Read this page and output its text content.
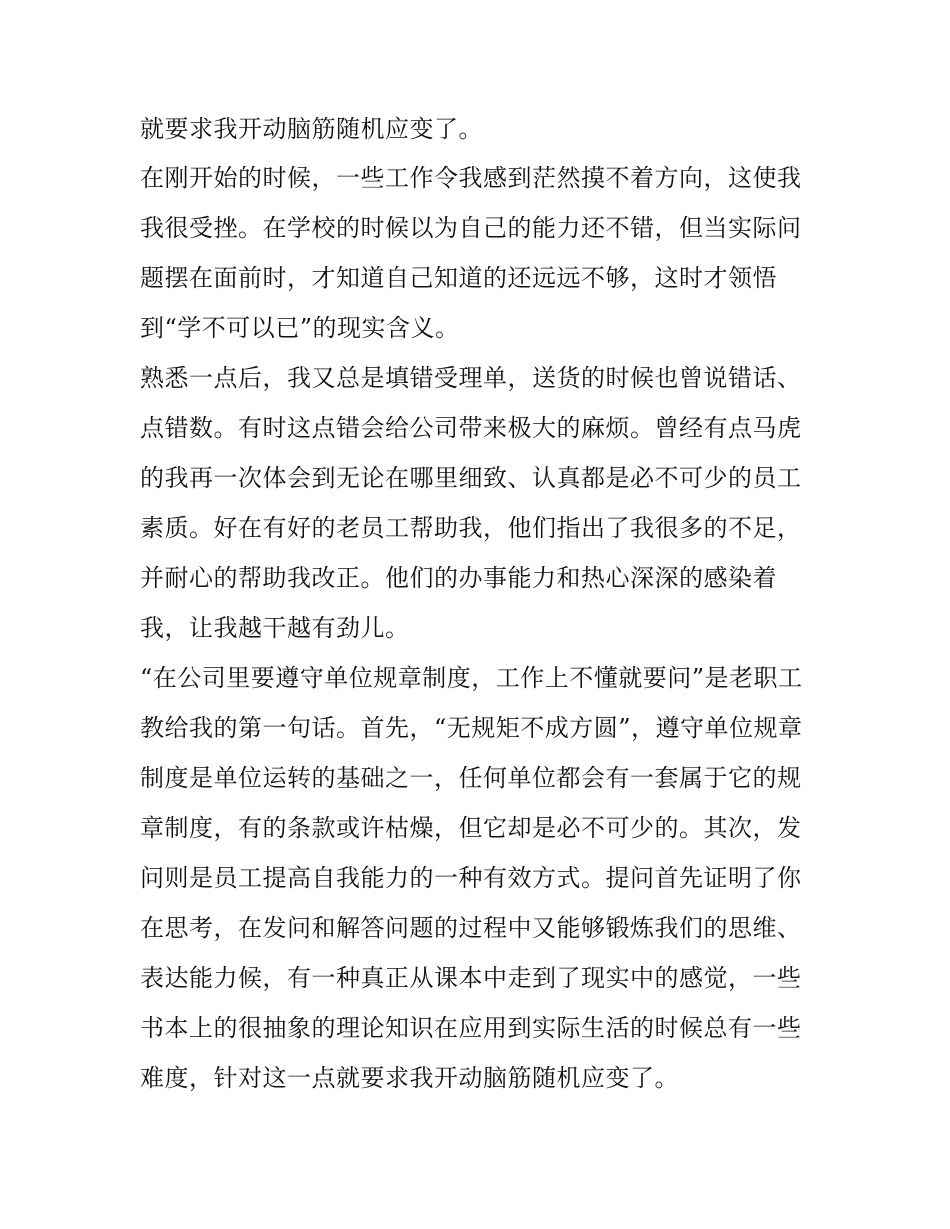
就要求我开动脑筋随机应变了。
在刚开始的时候，一些工作令我感到茫然摸不着方向，这使我
我很受挫。在学校的时候以为自己的能力还不错，但当实际问
题摆在面前时，才知道自己知道的还远远不够，这时才领悟
到“学不可以已”的现实含义。
熟悉一点后，我又总是填错受理单，送货的时候也曾说错话、
点错数。有时这点错会给公司带来极大的麻烦。曾经有点马虎
的我再一次体会到无论在哪里细致、认真都是必不可少的员工
素质。好在有好的老员工帮助我，他们指出了我很多的不足，
并耐心的帮助我改正。他们的办事能力和热心深深的感染着
我，让我越干越有劲儿。
“在公司里要遵守单位规章制度，工作上不懂就要问”是老职工
教给我的第一句话。首先，“无规矩不成方圆”，遵守单位规章
制度是单位运转的基础之一，任何单位都会有一套属于它的规
章制度，有的条款或许枯燥，但它却是必不可少的。其次，发
问则是员工提高自我能力的一种有效方式。提问首先证明了你
在思考，在发问和解答问题的过程中又能够锻炼我们的思维、
表达能力候，有一种真正从课本中走到了现实中的感觉，一些
书本上的很抽象的理论知识在应用到实际生活的时候总有一些
难度，针对这一点就要求我开动脑筋随机应变了。
